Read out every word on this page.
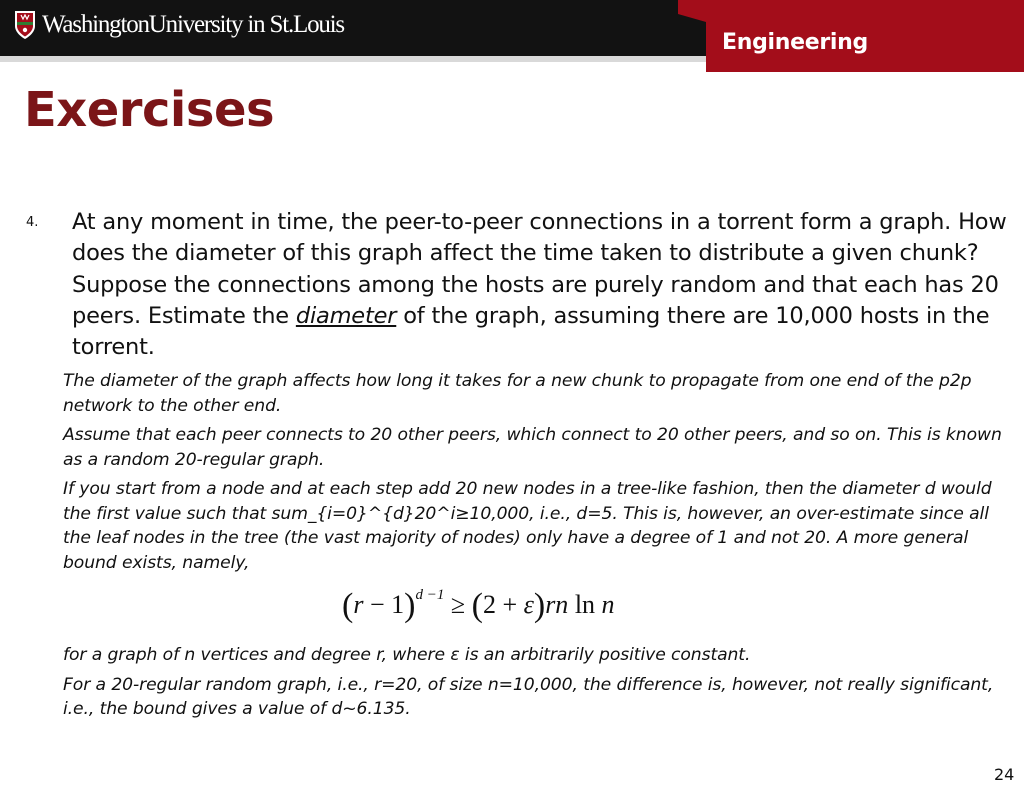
WashingtonUniversity in St.Louis
Engineering
Exercises
4. At any moment in time, the peer-to-peer connections in a torrent form a graph. How does the diameter of this graph affect the time taken to distribute a given chunk? Suppose the connections among the hosts are purely random and that each has 20 peers. Estimate the diameter of the graph, assuming there are 10,000 hosts in the torrent.

The diameter of the graph affects how long it takes for a new chunk to propagate from one end of the p2p network to the other end.

Assume that each peer connects to 20 other peers, which connect to 20 other peers, and so on. This is known as a random 20-regular graph.

If you start from a node and at each step add 20 new nodes in a tree-like fashion, then the diameter d would the first value such that sum_{i=0}^{d}20^i≥10,000, i.e., d=5. This is, however, an over-estimate since all the leaf nodes in the tree (the vast majority of nodes) only have a degree of 1 and not 20. A more general bound exists, namely,

$(r - 1)^{d -1} \ge (2 + \varepsilon)rn$ ln n

for a graph of n vertices and degree r, where ε is an arbitrarily positive constant.

For a 20-regular random graph, i.e., r=20, of size n=10,000, the difference is, however, not really significant, i.e., the bound gives a value of d~6.135.

24
